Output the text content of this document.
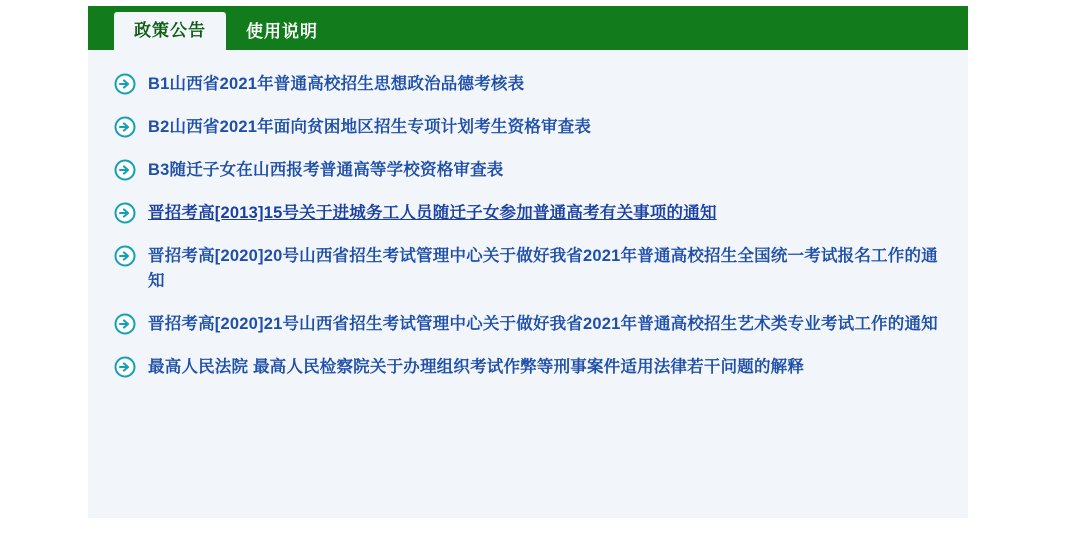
政策公告	使用说明
B1山西省2021年普通高校招生思想政治品德考核表
B2山西省2021年面向贫困地区招生专项计划考生资格审查表
B3随迁子女在山西报考普通高等学校资格审查表
晋招考高[2013]15号关于进城务工人员随迁子女参加普通高考有关事项的通知
晋招考高[2020]20号山西省招生考试管理中心关于做好我省2021年普通高校招生全国统一考试报名工作的通知
晋招考高[2020]21号山西省招生考试管理中心关于做好我省2021年普通高校招生艺术类专业考试工作的通知
最高人民法院 最高人民检察院关于办理组织考试作弊等刑事案件适用法律若干问题的解释
